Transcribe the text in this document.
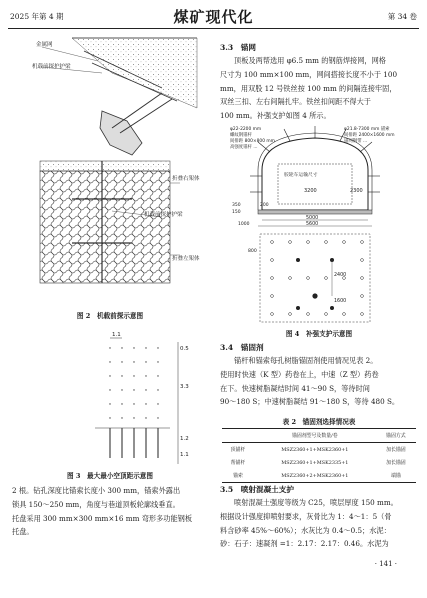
2025 年第 4 期	煤矿现代化	第 34 卷
金属网
机载前探护护梁
折叠右架体
机载前探护护梁
折叠左架体
图 2　机载前探示意图
1.1
0.5
3.3
1.2
1.1
图 3　最大最小空顶距示意图

2 根。钻孔深度比锚索长度小 300 mm，锚索外露出
锁具 150～250 mm，角度与巷道顶板轮廓线垂直。
托盘采用 300 mm×300 mm×16 mm 弯形多功能钢板
托盘。

3.3　锚网

顶板及两帮选用 φ6.5 mm 的钢筋焊接网，网格
尺寸为 100 mm×100 mm，网间搭接长度不小于 100
mm，用双股 12 号铁丝按 100 mm 的间隔连接牢固，
双丝三扣、左右间隔扎牢。铁丝扣间距不得大于
100 mm。补强支护如图 4 所示。

胶轮车运输尺寸
3200	2300
200
150
350
5000
5600
1000
φ22-2200 mm
螺纹钢锚杆
间排距 800×800 mm
高强度锚杆 ...
φ21.8-7300 mm 锚索
间排距 2400×1600 mm
锚网钢带 ...
2400
1600
800
图 4　补强支护示意图
3.4　锚固剂

锚杆和锚索每孔树脂锚固剂使用情况见表 2。
使用时快速（K 型）药卷在上，中速（Z 型）药卷
在下。快速树脂凝结时间 41～90 S，等待时间
90～180 S；中速树脂凝结 91～180 S，等待 480 S。

表 2　锚固剂选择情况表
	锚固剂型号及数量/卷	锚固方式
顶锚杆	MSZ2360+1+MSK2360+1	加长锚固
帮锚杆	MSZ2360+1+MSK2335+1	加长锚固
锚索	MSZ2360+2+MSK2360+1	端锚
3.5　喷射混凝土支护

喷射混凝土强度等级为 C25，喷层厚度 150 mm。
根据设计强度抑喷射要求，灰骨比为 1：4～1：5（骨
料含砂率 45%～60%）；水灰比为 0.4～0.5；水泥：
砂：石子：速凝剂 =1：2.17：2.17：0.46。水泥为

· 141 ·
